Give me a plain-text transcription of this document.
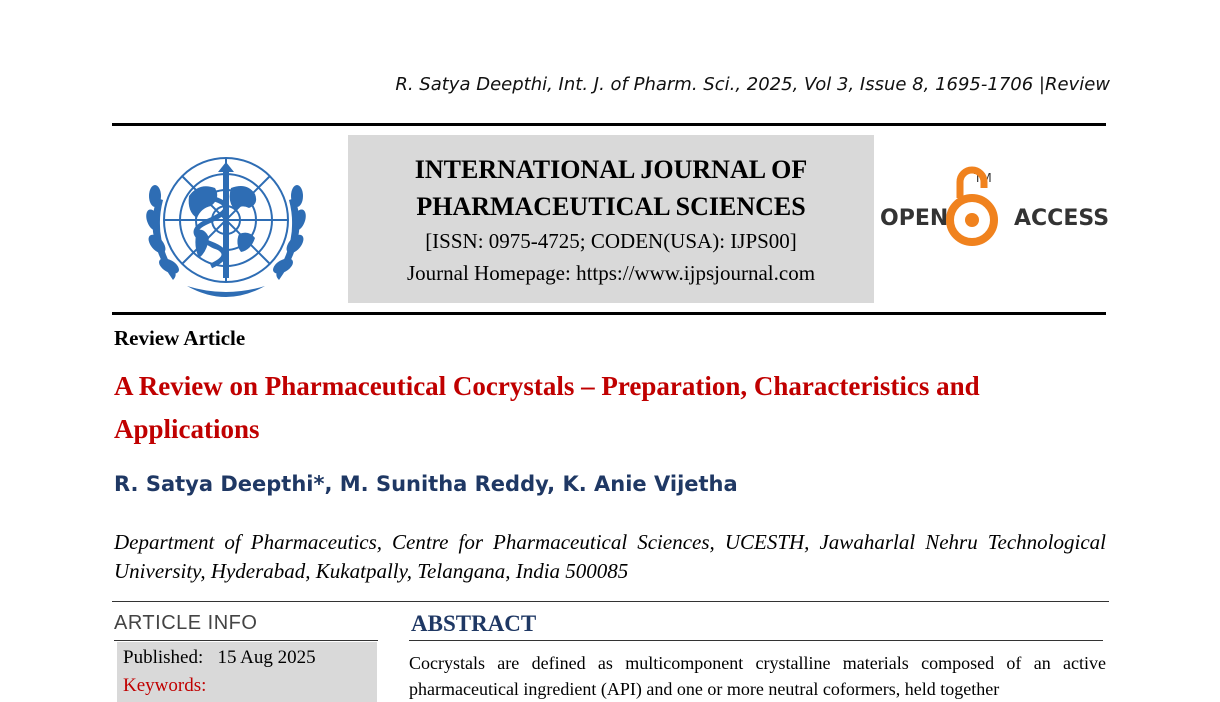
R. Satya Deepthi, Int. J. of Pharm. Sci., 2025, Vol 3, Issue 8, 1695-1706 |Review
INTERNATIONAL JOURNAL OF
PHARMACEUTICAL SCIENCES
[ISSN: 0975-4725; CODEN(USA): IJPS00]
Journal Homepage: https://www.ijpsjournal.com
OPEN	ACCESS
TM
Review Article
A Review on Pharmaceutical Cocrystals – Preparation, Characteristics and Applications
R. Satya Deepthi*, M. Sunitha Reddy, K. Anie Vijetha
Department of Pharmaceutics, Centre for Pharmaceutical Sciences, UCESTH, Jawaharlal Nehru Technological University, Hyderabad, Kukatpally, Telangana, India 500085
ARTICLE INFO
Published: 15 Aug 2025
Keywords:
ABSTRACT
Cocrystals are defined as multicomponent crystalline materials composed of an active pharmaceutical ingredient (API) and one or more neutral coformers, held together
